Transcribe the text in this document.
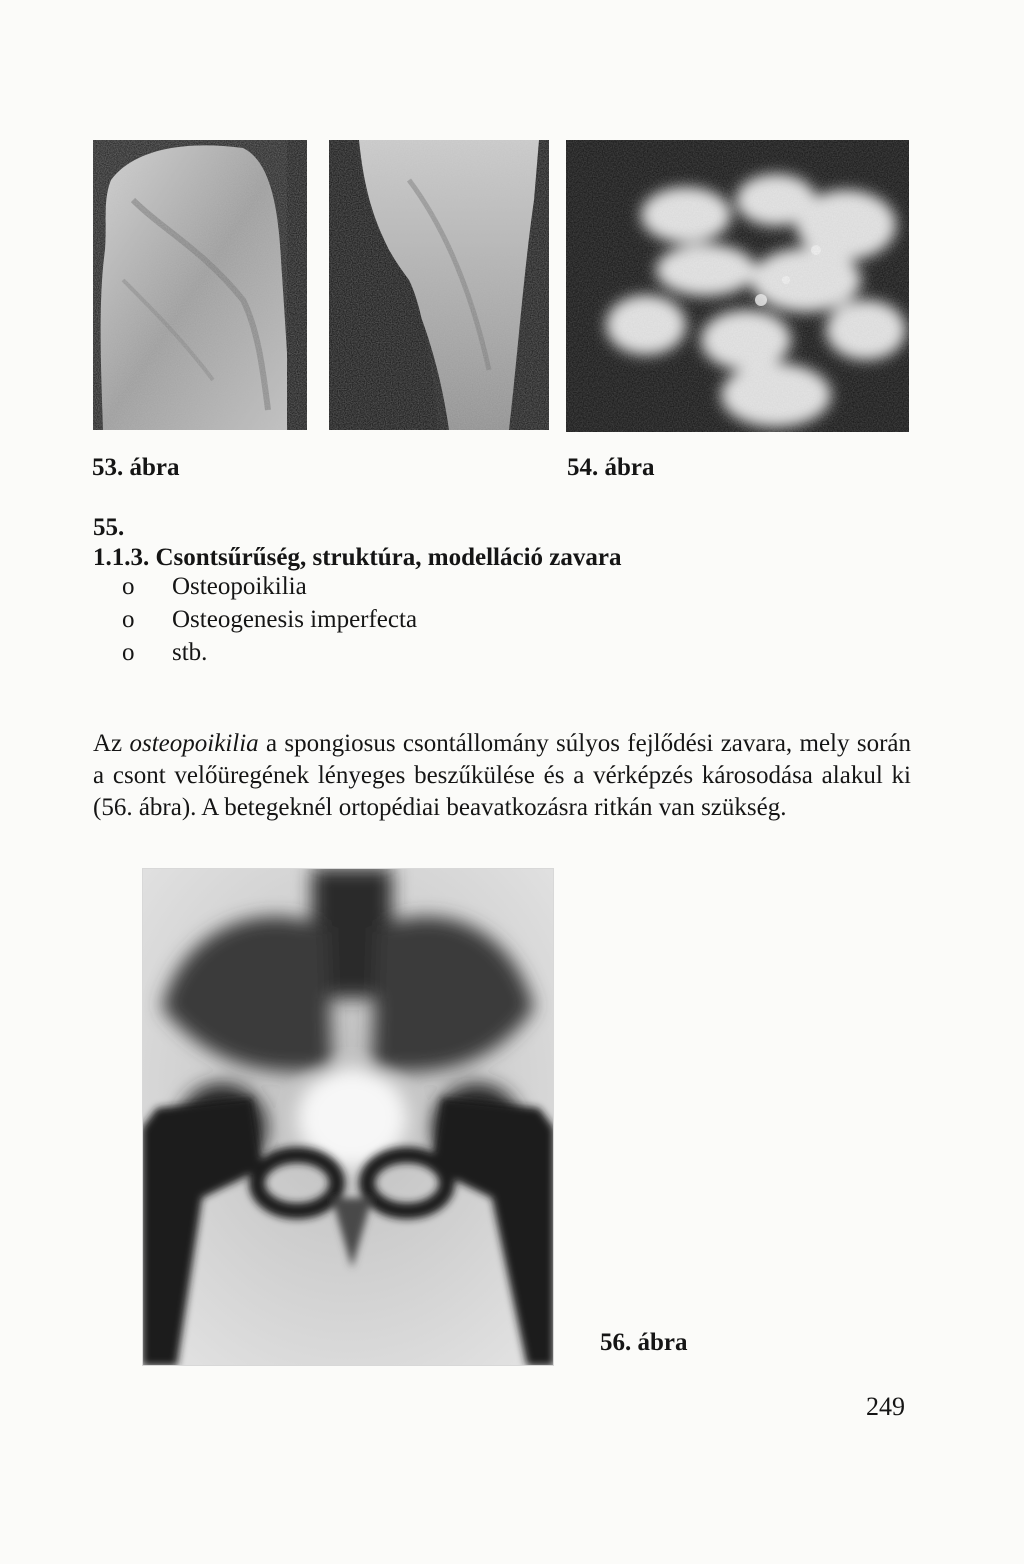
53. ábra	54. ábra
55.
1.1.3. Csontsűrűség, struktúra, modelláció zavara
o Osteopoikilia
o Osteogenesis imperfecta
o stb.

Az osteopoikilia a spongiosus csontállomány súlyos fejlődési zavara, mely során a csont velőüregének lényeges beszűkülése és a vérképzés károsodása alakul ki (56. ábra). A betegeknél ortopédiai beavatkozásra ritkán van szükség.

56. ábra
249
